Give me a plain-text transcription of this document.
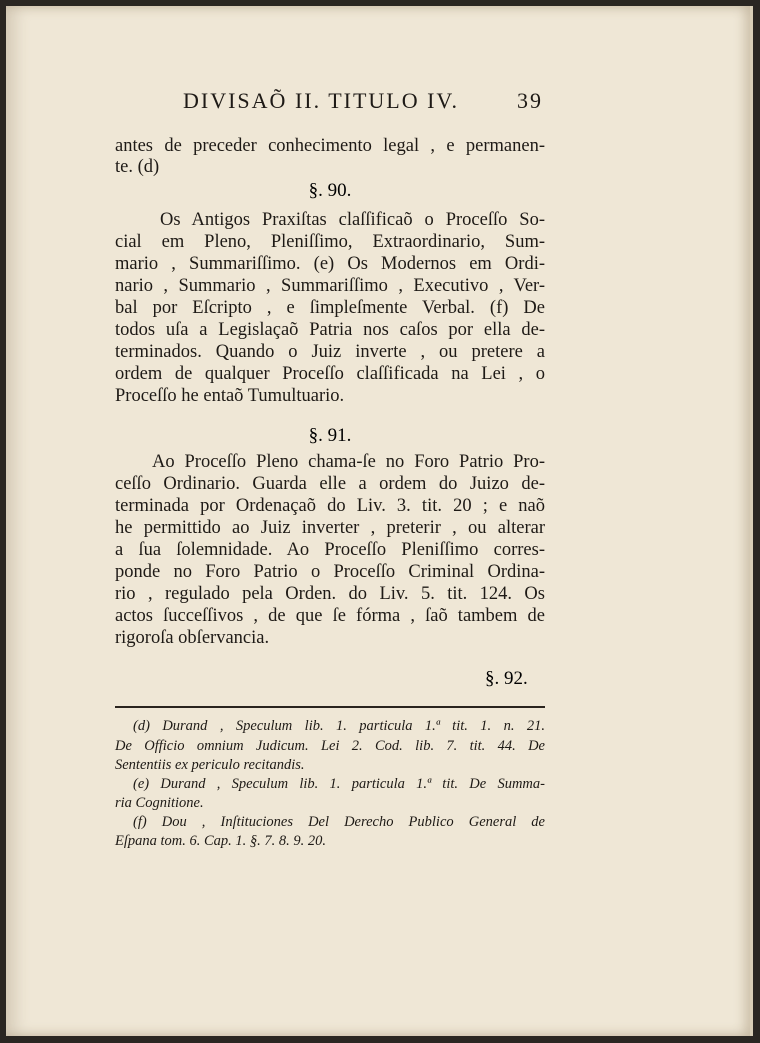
DIVISAÕ II. TITULO IV.	39
antes de preceder conhecimento legal , e permanen-
te. (d)
§. 90.
Os Antigos Praxiſtas claſſificaõ o Proceſſo So-
cial em Pleno, Pleniſſimo, Extraordinario, Sum-
mario , Summariſſimo. (e) Os Modernos em Ordi-
nario , Summario , Summariſſimo , Executivo , Ver-
bal por Eſcripto , e ſimpleſmente Verbal. (f) De
todos uſa a Legislaçaõ Patria nos caſos por ella de-
terminados. Quando o Juiz inverte , ou pretere a
ordem de qualquer Proceſſo claſſificada na Lei , o
Proceſſo he entaõ Tumultuario.
§. 91.
Ao Proceſſo Pleno chama-ſe no Foro Patrio Pro-
ceſſo Ordinario. Guarda elle a ordem do Juizo de-
terminada por Ordenaçaõ do Liv. 3. tit. 20 ; e naõ
he permittido ao Juiz inverter , preterir , ou alterar
a ſua ſolemnidade. Ao Proceſſo Pleniſſimo corres-
ponde no Foro Patrio o Proceſſo Criminal Ordina-
rio , regulado pela Orden. do Liv. 5. tit. 124. Os
actos ſucceſſivos , de que ſe fórma , ſaõ tambem de
rigoroſa obſervancia.
§. 92.
(d) Durand , Speculum lib. 1. particula 1.ª tit. 1. n. 21.
De Officio omnium Judicum. Lei 2. Cod. lib. 7. tit. 44. De
Sententiis ex periculo recitandis.
(e) Durand , Speculum lib. 1. particula 1.ª tit. De Summa-
ria Cognitione.
(f) Dou , Inſtituciones Del Derecho Publico General de
Eſpana tom. 6. Cap. 1. §. 7. 8. 9. 20.
